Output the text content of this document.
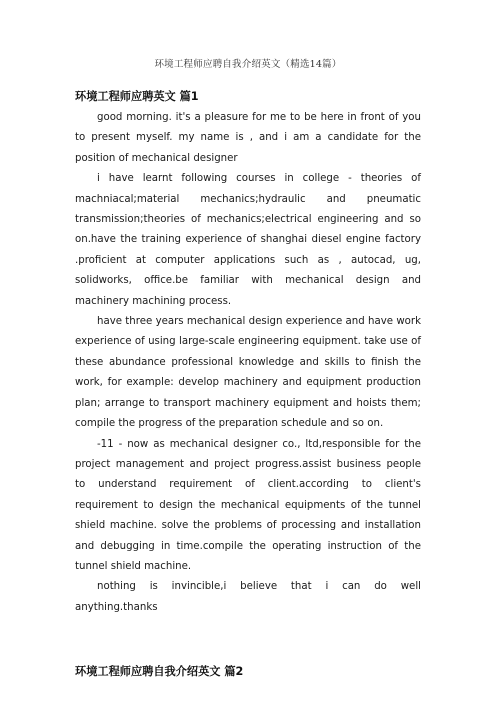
环境工程师应聘自我介绍英文（精选14篇）
环境工程师应聘英文 篇1

good morning. it's a pleasure for me to be here in front of you to present myself. my name is , and i am a candidate for the position of mechanical designer

i have learnt following courses in college - theories of machniacal;material mechanics;hydraulic and pneumatic transmission;theories of mechanics;electrical engineering and so on.have the training experience of shanghai diesel engine factory .proficient at computer applications such as , autocad, ug, solidworks, office.be familiar with mechanical design and machinery machining process.

have three years mechanical design experience and have work experience of using large-scale engineering equipment. take use of these abundance professional knowledge and skills to finish the work, for example: develop machinery and equipment production plan; arrange to transport machinery equipment and hoists them; compile the progress of the preparation schedule and so on.

-11 - now as mechanical designer co., ltd,responsible for the project management and project progress.assist business people to understand requirement of client.according to client's requirement to design the mechanical equipments of the tunnel shield machine. solve the problems of processing and installation and debugging in time.compile the operating instruction of the tunnel shield machine.

nothing is invincible,i believe that i can do well anything.thanks

环境工程师应聘自我介绍英文 篇2
